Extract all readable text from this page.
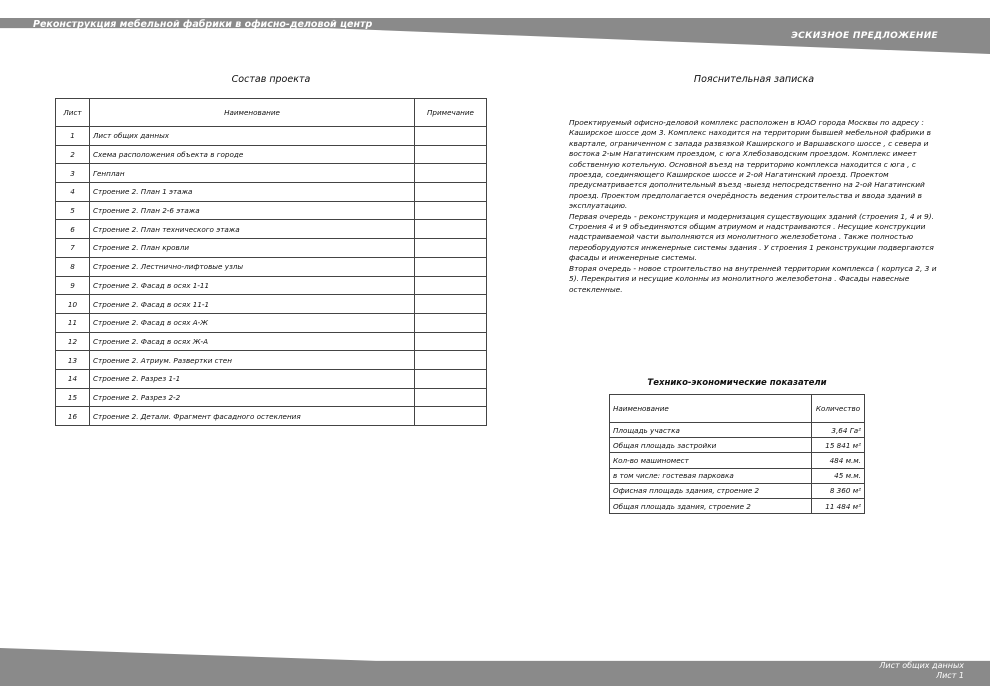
Реконструкция мебельной фабрики в офисно-деловой центр
по адресу: Каширское шоссе, дом 3, корпус 2	ЭСКИЗНОЕ ПРЕДЛОЖЕНИЕ
Состав проекта
Лист	Наименование	Примечание
1	Лист общих данных	
2	Схема расположения объекта в городе	
3	Генплан	
4	Строение 2. План 1 этажа	
5	Строение 2. План 2-6 этажа	
6	Строение 2. План технического этажа	
7	Строение 2. План кровли	
8	Строение 2. Лестнично-лифтовые узлы	
9	Строение 2. Фасад в осях 1-11	
10	Строение 2. Фасад в осях 11-1	
11	Строение 2. Фасад в осях А-Ж	
12	Строение 2. Фасад в осях Ж-А	
13	Строение 2. Атриум. Развертки стен	
14	Строение 2. Разрез 1-1	
15	Строение 2. Разрез 2-2	
16	Строение 2. Детали. Фрагмент фасадного остекления	
Пояснительная записка

Проектируемый офисно-деловой комплекс расположен в ЮАО города Москвы по адресу : Каширское шоссе дом 3. Комплекс находится на территории бывшей мебельной фабрики в квартале, ограниченном с запада развязкой Каширского и Варшавского шоссе , с севера и востока 2-ым Нагатинским проездом, с юга Хлебозаводским проездом. Комплекс имеет собственную котельную. Основной въезд на территорию комплекса находится с юга , с проезда, соединяющего Каширское шоссе и 2-ой Нагатинский проезд. Проектом предусматривается дополнительный въезд -выезд непосредственно на 2-ой Нагатинский проезд. Проектом предполагается очерёдность ведения строительства и ввода зданий в эксплуатацию.

Первая очередь - реконструкция и модернизация существующих зданий (строения 1, 4 и 9). Строения 4 и 9 объединяются общим атриумом и надстраиваются . Несущие конструкции надстраиваемой части выполняются из монолитного железобетона . Также полностью переоборудуются инженерные системы здания . У строения 1 реконструкции подвергаются фасады и инженерные системы.

Вторая очередь - новое строительство на внутренней территории комплекса ( корпуса 2, 3 и 5). Перекрытия и несущие колонны из монолитного железобетона . Фасады навесные остекленные.

Технико-экономические показатели
Наименование	Количество
Площадь участка	3,64 Га²
Общая площадь застройки	15 841 м²
Кол-во машиномест	484 м.м.
в том числе: гостевая парковка	45 м.м.
Офисная площадь здания, строение 2	8 360 м²
Общая площадь здания, строение 2	11 484 м²
Лист общих данных
Лист 1
